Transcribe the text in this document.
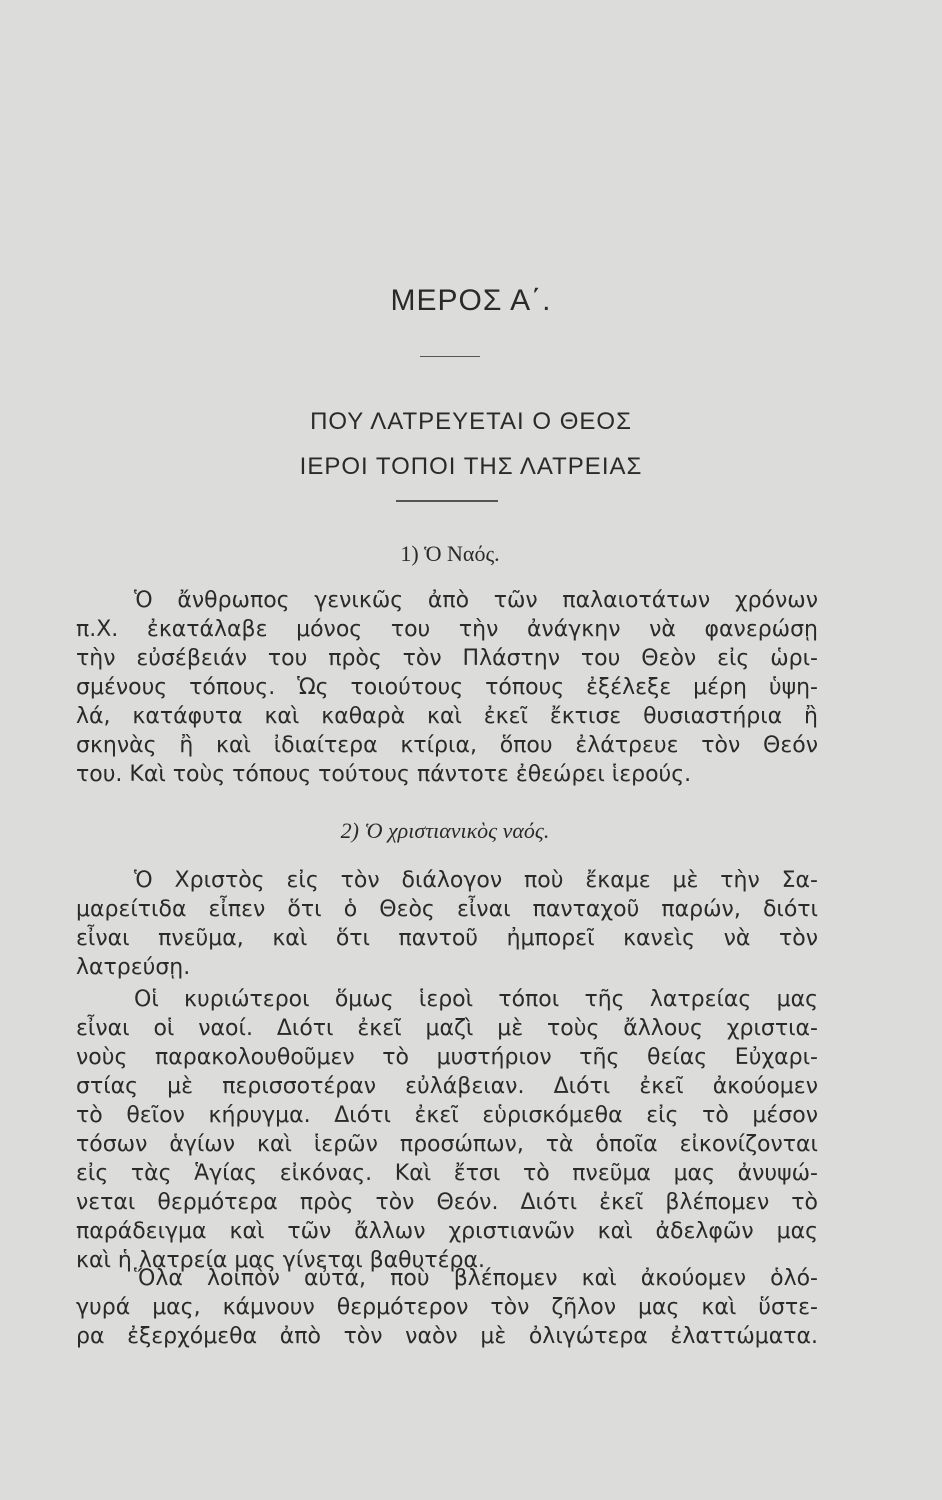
ΜΕΡΟΣ Α΄.
ΠΟΥ ΛΑΤΡΕΥΕΤΑΙ Ο ΘΕΟΣ
ΙΕΡΟΙ ΤΟΠΟΙ ΤΗΣ ΛΑΤΡΕΙΑΣ
1) Ὁ Ναός.
Ὁ ἄνθρωπος γενικῶς ἀπὸ τῶν παλαιοτάτων χρόνων
π.Χ. ἐκατάλαβε μόνος του τὴν ἀνάγκην νὰ φανερώσῃ
τὴν εὐσέβειάν του πρὸς τὸν Πλάστην του Θεὸν εἰς ὡρι-
σμένους τόπους. Ὡς τοιούτους τόπους ἐξέλεξε μέρη ὑψη-
λά, κατάφυτα καὶ καθαρὰ καὶ ἐκεῖ ἔκτισε θυσιαστήρια ἢ
σκηνὰς ἢ καὶ ἰδιαίτερα κτίρια, ὅπου ἐλάτρευε τὸν Θεόν
του. Καὶ τοὺς τόπους τούτους πάντοτε ἐθεώρει ἱερούς.
2) Ὁ χριστιανικὸς ναός.
Ὁ Χριστὸς εἰς τὸν διάλογον ποὺ ἔκαμε μὲ τὴν Σα-
μαρείτιδα εἶπεν ὅτι ὁ Θεὸς εἶναι πανταχοῦ παρών, διότι
εἶναι πνεῦμα, καὶ ὅτι παντοῦ ἠμπορεῖ κανεὶς νὰ τὸν
λατρεύσῃ.
Οἱ κυριώτεροι ὅμως ἱεροὶ τόποι τῆς λατρείας μας
εἶναι οἱ ναοί. Διότι ἐκεῖ μαζὶ μὲ τοὺς ἄλλους χριστια-
νοὺς παρακολουθοῦμεν τὸ μυστήριον τῆς θείας Εὐχαρι-
στίας μὲ περισσοτέραν εὐλάβειαν. Διότι ἐκεῖ ἀκούομεν
τὸ θεῖον κήρυγμα. Διότι ἐκεῖ εὑρισκόμεθα εἰς τὸ μέσον
τόσων ἁγίων καὶ ἱερῶν προσώπων, τὰ ὁποῖα εἰκονίζονται
εἰς τὰς Ἁγίας εἰκόνας. Καὶ ἔτσι τὸ πνεῦμα μας ἀνυψώ-
νεται θερμότερα πρὸς τὸν Θεόν. Διότι ἐκεῖ βλέπομεν τὸ
παράδειγμα καὶ τῶν ἄλλων χριστιανῶν καὶ ἀδελφῶν μας
καὶ ἡ λατρεία μας γίνεται βαθυτέρα.
Ὅλα λοιπὸν αὐτά, ποὺ βλέπομεν καὶ ἀκούομεν ὁλό-
γυρά μας, κάμνουν θερμότερον τὸν ζῆλον μας καὶ ὕστε-
ρα ἐξερχόμεθα ἀπὸ τὸν ναὸν μὲ ὀλιγώτερα ἐλαττώματα.
